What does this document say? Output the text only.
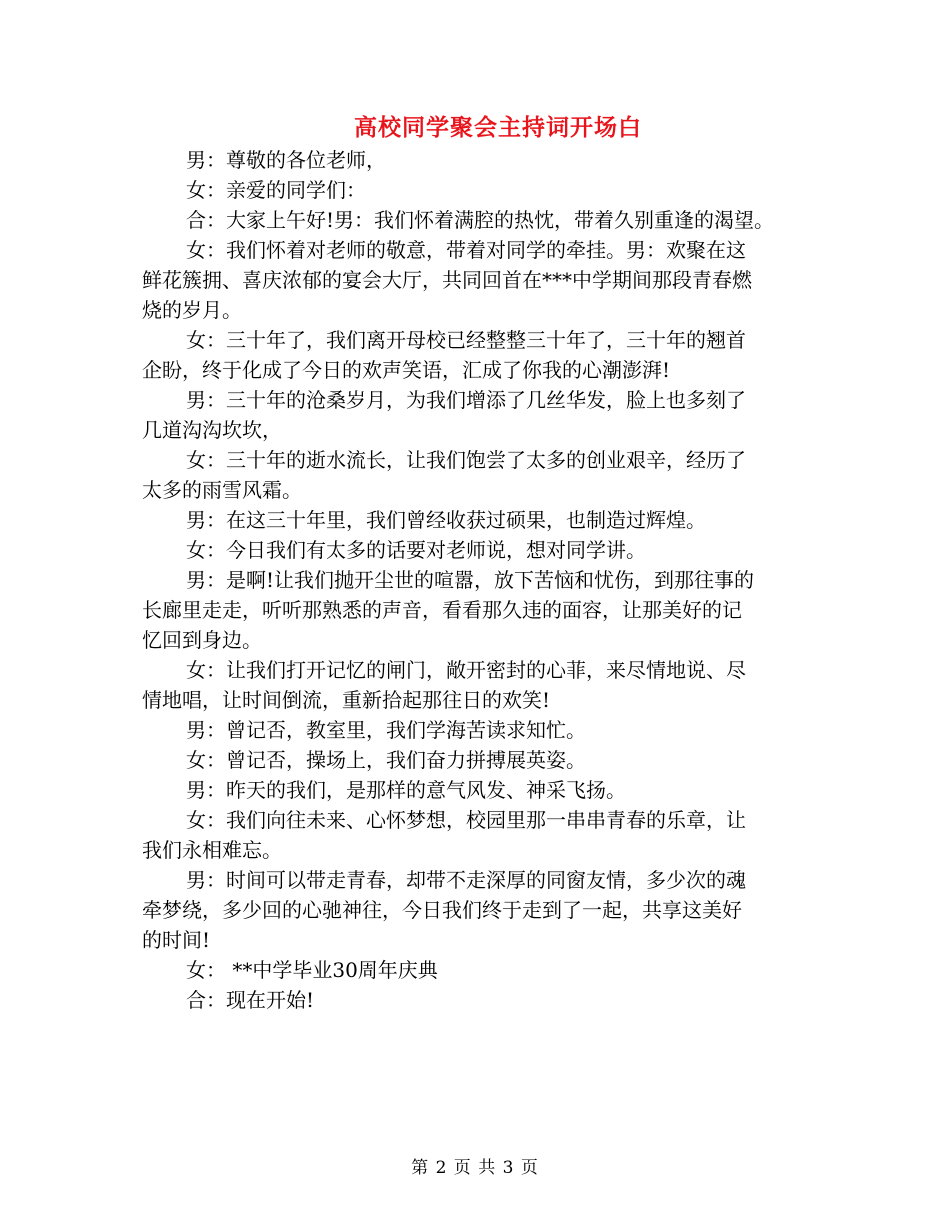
高校同学聚会主持词开场白
男：尊敬的各位老师，
女：亲爱的同学们：
合：大家上午好!男：我们怀着满腔的热忱，带着久别重逢的渴望。
女：我们怀着对老师的敬意，带着对同学的牵挂。男：欢聚在这
鲜花簇拥、喜庆浓郁的宴会大厅，共同回首在***中学期间那段青春燃
烧的岁月。
女：三十年了，我们离开母校已经整整三十年了，三十年的翘首
企盼，终于化成了今日的欢声笑语，汇成了你我的心潮澎湃!
男：三十年的沧桑岁月，为我们增添了几丝华发，脸上也多刻了
几道沟沟坎坎，
女：三十年的逝水流长，让我们饱尝了太多的创业艰辛，经历了
太多的雨雪风霜。
男：在这三十年里，我们曾经收获过硕果，也制造过辉煌。
女：今日我们有太多的话要对老师说，想对同学讲。
男：是啊!让我们抛开尘世的喧嚣，放下苦恼和忧伤，到那往事的
长廊里走走，听听那熟悉的声音，看看那久违的面容，让那美好的记
忆回到身边。
女：让我们打开记忆的闸门，敞开密封的心菲，来尽情地说、尽
情地唱，让时间倒流，重新拾起那往日的欢笑!
男：曾记否，教室里，我们学海苦读求知忙。
女：曾记否，操场上，我们奋力拼搏展英姿。
男：昨天的我们，是那样的意气风发、神采飞扬。
女：我们向往未来、心怀梦想，校园里那一串串青春的乐章，让
我们永相难忘。
男：时间可以带走青春，却带不走深厚的同窗友情，多少次的魂
牵梦绕，多少回的心驰神往，今日我们终于走到了一起，共享这美好
的时间!
女： **中学毕业30周年庆典
合：现在开始!
第 2 页 共 3 页
